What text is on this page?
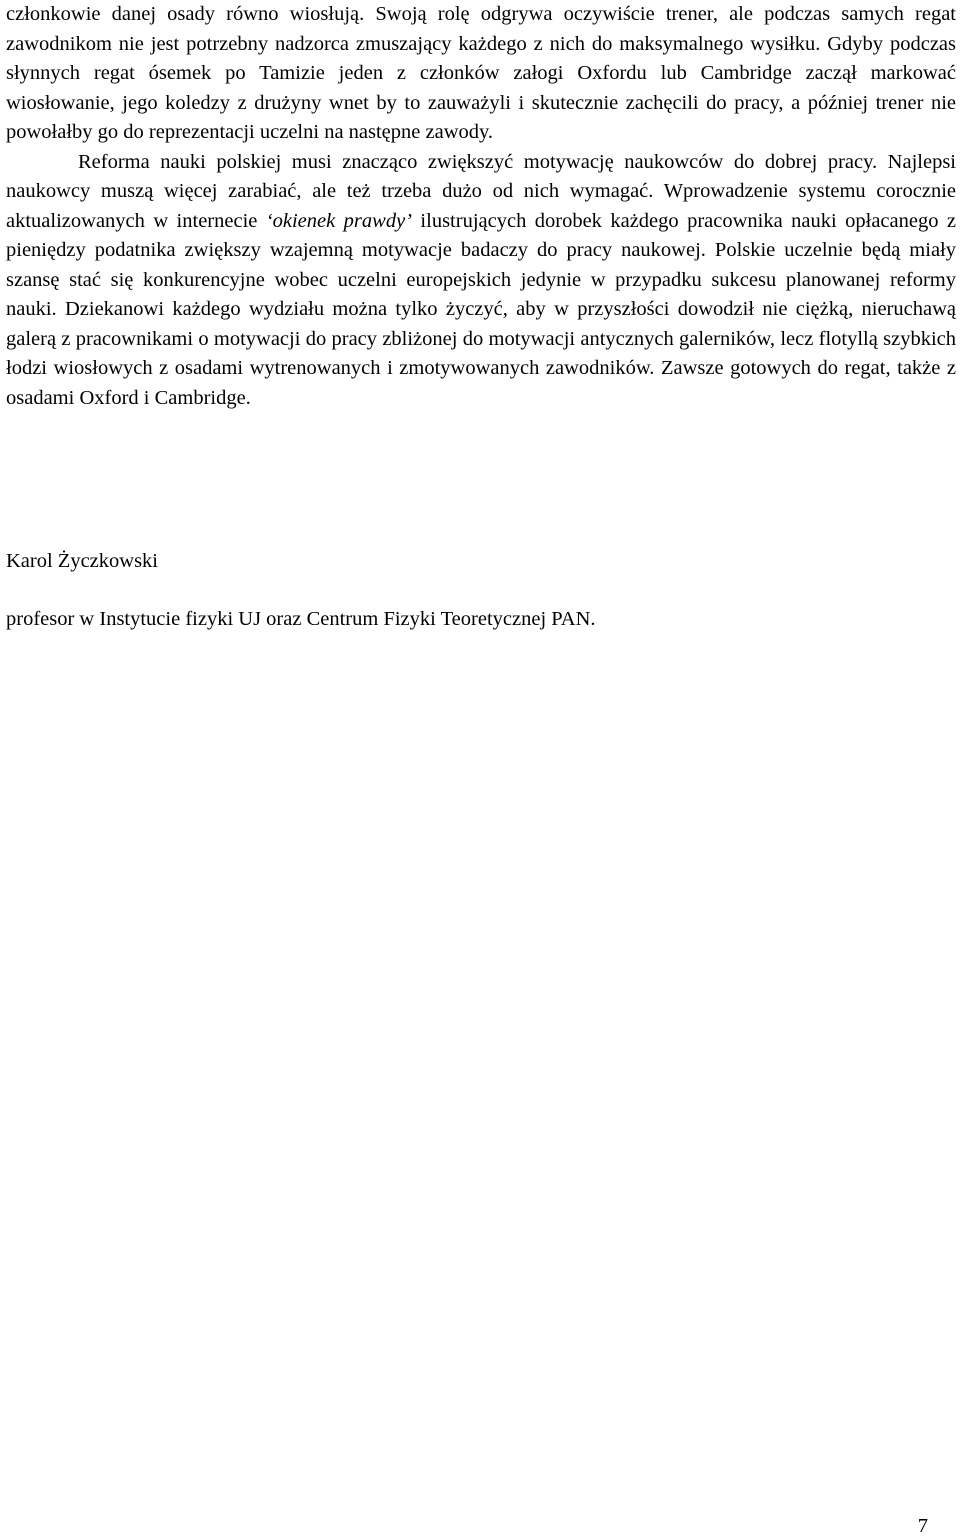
członkowie danej osady równo wiosłują. Swoją rolę odgrywa oczywiście trener, ale podczas samych regat zawodnikom nie jest potrzebny nadzorca zmuszający każdego z nich do maksymalnego wysiłku. Gdyby podczas słynnych regat ósemek po Tamizie jeden z członków załogi Oxfordu lub Cambridge zaczął markować wiosłowanie, jego koledzy z drużyny wnet by to zauważyli i skutecznie zachęcili do pracy, a później trener nie powołałby go do reprezentacji uczelni na następne zawody.

Reforma nauki polskiej musi znacząco zwiększyć motywację naukowców do dobrej pracy. Najlepsi naukowcy muszą więcej zarabiać, ale też trzeba dużo od nich wymagać. Wprowadzenie systemu corocznie aktualizowanych w internecie ‘okienek prawdy’ ilustrujących dorobek każdego pracownika nauki opłacanego z pieniędzy podatnika zwiększy wzajemną motywacje badaczy do pracy naukowej. Polskie uczelnie będą miały szansę stać się konkurencyjne wobec uczelni europejskich jedynie w przypadku sukcesu planowanej reformy nauki. Dziekanowi każdego wydziału można tylko życzyć, aby w przyszłości dowodził nie ciężką, nieruchawą galerą z pracownikami o motywacji do pracy zbliżonej do motywacji antycznych galerników, lecz flotyllą szybkich łodzi wiosłowych z osadami wytrenowanych i zmotywowanych zawodników. Zawsze gotowych do regat, także z osadami Oxford i Cambridge.

Karol Życzkowski

profesor w Instytucie fizyki UJ oraz Centrum Fizyki Teoretycznej PAN.

7
